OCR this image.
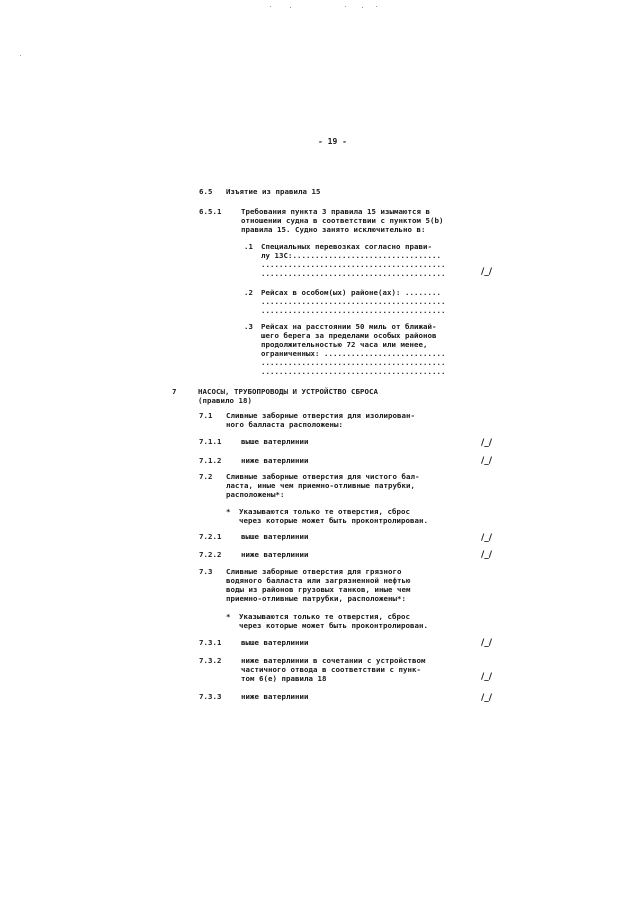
- 19 -
6.5 Изъятие из правила 15
6.5.1	Требования пункта 3 правила 15 изымаются в
отношении судна в соответствии с пунктом 5(b)
правила 15. Судно занято исключительно в:
.1 Специальных перевозках согласно прави-
лу 13С:.................................
.........................................
.........................................	/_/
.2 Рейсах в особом(ых) районе(ах): ........
.........................................
.........................................
.3 Рейсах на расстоянии 50 миль от ближай-
шего берега за пределами особых районов
продолжительностью 72 часа или менее,
ограниченных: ...........................
.........................................
.........................................
7	НАСОСЫ, ТРУБОПРОВОДЫ И УСТРОЙСТВО СБРОСА
(правило 18)
7.1 Сливные заборные отверстия для изолирован-
ного балласта расположены:
7.1.1	выше ватерлинии	/_/
7.1.2	ниже ватерлинии	/_/
7.2 Сливные заборные отверстия для чистого бал-
ласта, иные чем приемно-отливные патрубки,
расположены*:
* Указываются только те отверстия, сброс
через которые может быть проконтролирован.
7.2.1	выше ватерлинии	/_/
7.2.2	ниже ватерлинии	/_/
7.3 Сливные заборные отверстия для грязного
водяного балласта или загрязненной нефтью
воды из районов грузовых танков, иные чем
приемно-отливные патрубки, расположены*:
* Указываются только те отверстия, сброс
через которые может быть проконтролирован.
7.3.1	выше ватерлинии	/_/
7.3.2	ниже ватерлинии в сочетании с устройством
частичного отвода в соответствии с пунк-
том 6(е) правила 18	/_/
7.3.3	ниже ватерлинии	/_/
